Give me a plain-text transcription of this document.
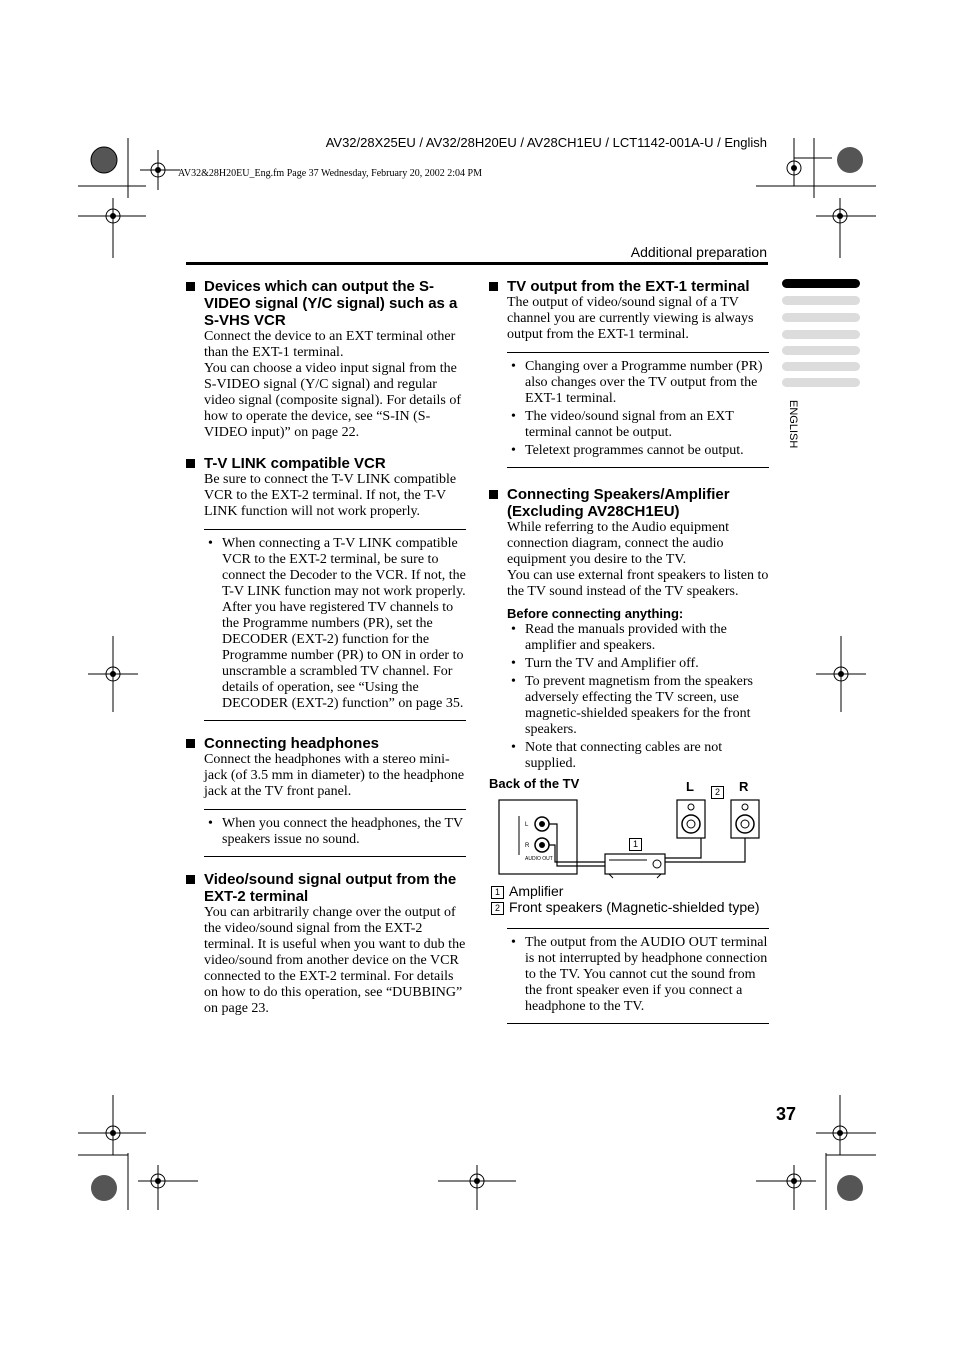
AV32/28X25EU / AV32/28H20EU / AV28CH1EU / LCT1142-001A-U / English
AV32&28H20EU_Eng.fm Page 37 Wednesday, February 20, 2002 2:04 PM
Additional preparation
ENGLISH
Devices which can output the S-VIDEO signal (Y/C signal) such as a S-VHS VCR

Connect the device to an EXT terminal other than the EXT-1 terminal.

You can choose a video input signal from the S-VIDEO signal (Y/C signal) and regular video signal (composite signal). For details of how to operate the device, see “S-IN (S-VIDEO input)” on page 22.

T-V LINK compatible VCR

Be sure to connect the T-V LINK compatible VCR to the EXT-2 terminal. If not, the T-V LINK function will not work properly.

• When connecting a T-V LINK compatible VCR to the EXT-2 terminal, be sure to connect the Decoder to the VCR. If not, the T-V LINK function may not work properly. After you have registered TV channels to the Programme numbers (PR), set the DECODER (EXT-2) function for the Programme number (PR) to ON in order to unscramble a scrambled TV channel. For details of operation, see “Using the DECODER (EXT-2) function” on page 35.
Connecting headphones

Connect the headphones with a stereo mini-jack (of 3.5 mm in diameter) to the headphone jack at the TV front panel.

• When you connect the headphones, the TV speakers issue no sound.
Video/sound signal output from the EXT-2 terminal

You can arbitrarily change over the output of the video/sound signal from the EXT-2 terminal. It is useful when you want to dub the video/sound from another device on the VCR connected to the EXT-2 terminal. For details on how to do this operation, see “DUBBING” on page 23.

TV output from the EXT-1 terminal

The output of video/sound signal of a TV channel you are currently viewing is always output from the EXT-1 terminal.

• Changing over a Programme number (PR) also changes over the TV output from the EXT-1 terminal.
• The video/sound signal from an EXT terminal cannot be output.
• Teletext programmes cannot be output.
Connecting Speakers/Amplifier (Excluding AV28CH1EU)

While referring to the Audio equipment connection diagram, connect the audio equipment you desire to the TV.

You can use external front speakers to listen to the TV sound instead of the TV speakers.

Before connecting anything:
• Read the manuals provided with the amplifier and speakers.
• Turn the TV and Amplifier off.
• To prevent magnetism from the speakers adversely effecting the TV screen, use magnetic-shielded speakers for the front speakers.
• Note that connecting cables are not supplied.
Back of the TV	L	2	R
1
L
R
AUDIO OUT
1 Amplifier
2 Front speakers (Magnetic-shielded type)
• The output from the AUDIO OUT terminal is not interrupted by headphone connection to the TV. You cannot cut the sound from the front speaker even if you connect a headphone to the TV.
37
